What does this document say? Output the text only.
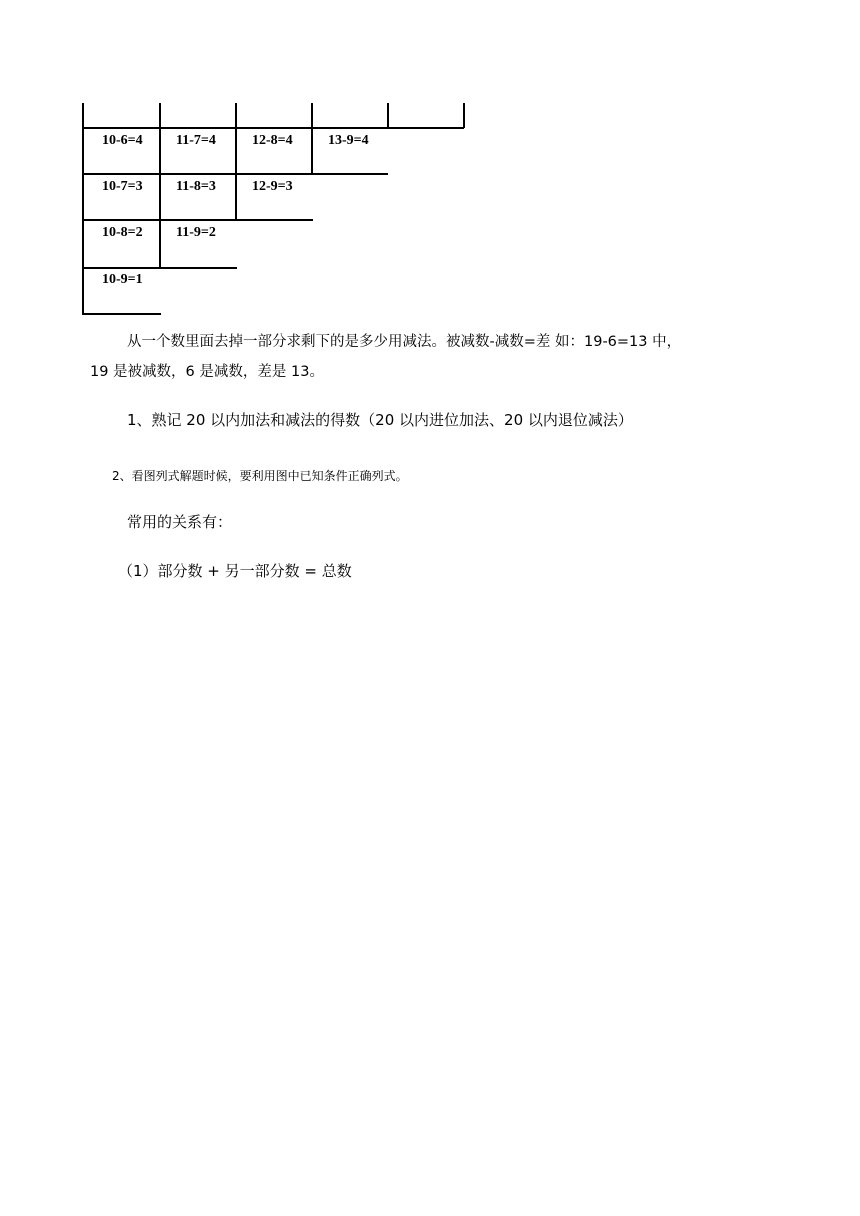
10-6=4	11-7=4	12-8=4	13-9=4
10-7=3	11-8=3	12-9=3
10-8=2	11-9=2
10-9=1
从一个数里面去掉一部分求剩下的是多少用减法。被减数-减数=差 如：19-6=13 中，
19 是被减数，6 是减数，差是 13。
1、熟记 20 以内加法和减法的得数（20 以内进位加法、20 以内退位减法）
2、看图列式解题时候，要利用图中已知条件正确列式。
常用的关系有：
（1）部分数 + 另一部分数 = 总数
